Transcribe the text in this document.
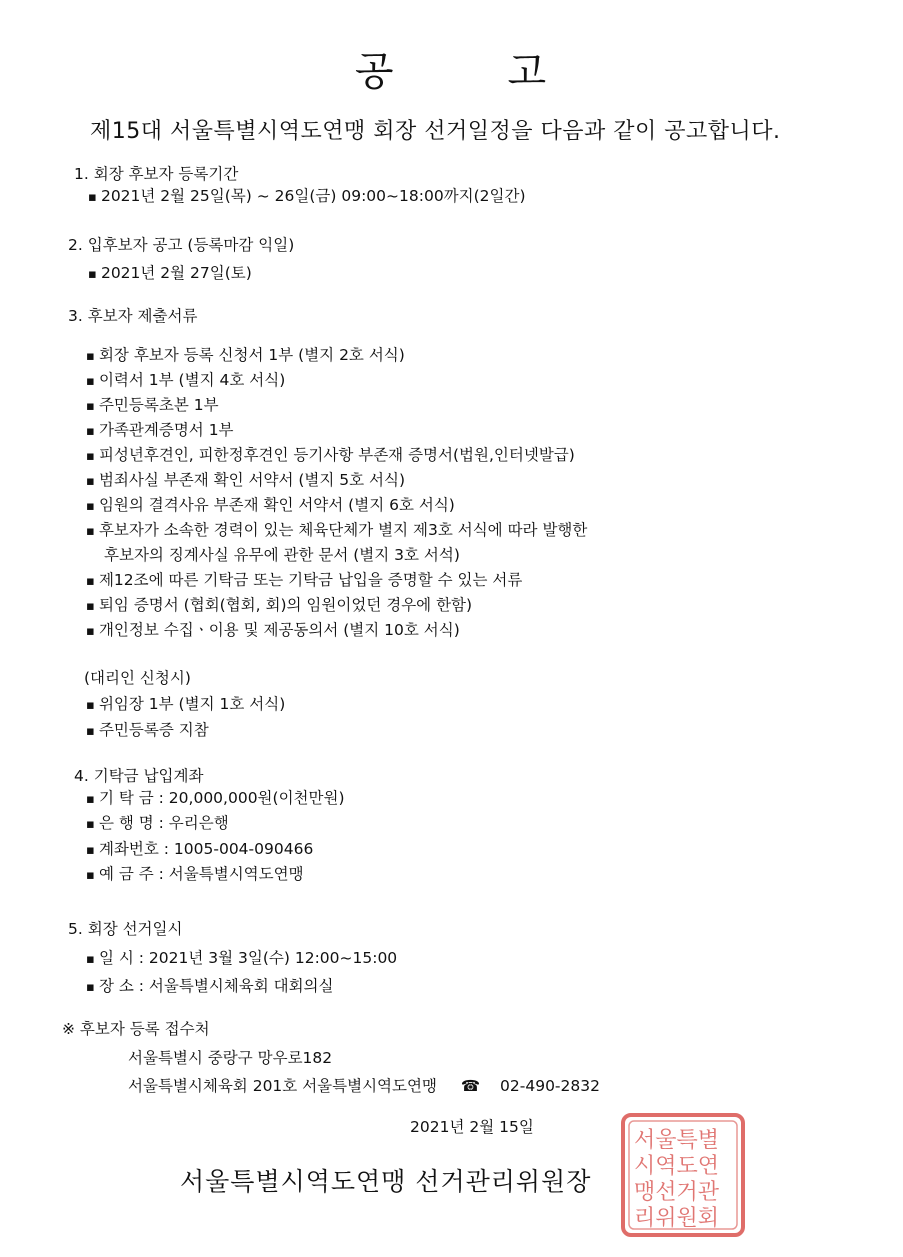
공	고
제15대 서울특별시역도연맹 회장 선거일정을 다음과 같이 공고합니다.
1. 회장 후보자 등록기간
▪ 2021년 2월 25일(목) ~ 26일(금) 09:00~18:00까지(2일간)
2. 입후보자 공고 (등록마감 익일)
▪ 2021년 2월 27일(토)
3. 후보자 제출서류
▪ 회장 후보자 등록 신청서 1부 (별지 2호 서식)
▪ 이력서 1부 (별지 4호 서식)
▪ 주민등록초본 1부
▪ 가족관계증명서 1부
▪ 피성년후견인, 피한정후견인 등기사항 부존재 증명서(법원,인터넷발급)
▪ 범죄사실 부존재 확인 서약서 (별지 5호 서식)
▪ 임원의 결격사유 부존재 확인 서약서 (별지 6호 서식)
▪ 후보자가 소속한 경력이 있는 체육단체가 별지 제3호 서식에 따라 발행한
후보자의 징계사실 유무에 관한 문서 (별지 3호 서석)
▪ 제12조에 따른 기탁금 또는 기탁금 납입을 증명할 수 있는 서류
▪ 퇴임 증명서 (협회(협회, 회)의 임원이었던 경우에 한함)
▪ 개인정보 수집ㆍ이용 및 제공동의서 (별지 10호 서식)
(대리인 신청시)
▪ 위임장 1부 (별지 1호 서식)
▪ 주민등록증 지참
4. 기탁금 납입계좌
▪ 기 탁 금 : 20,000,000원(이천만원)
▪ 은 행 명 : 우리은행
▪ 계좌번호 : 1005-004-090466
▪ 예 금 주 : 서울특별시역도연맹
5. 회장 선거일시
▪ 일 시 : 2021년 3월 3일(수) 12:00~15:00
▪ 장 소 : 서울특별시체육회 대회의실
※ 후보자 등록 접수처
서울특별시 중랑구 망우로182
서울특별시체육회 201호 서울특별시역도연맹 ☎ 02-490-2832
2021년 2월 15일
서울특별시역도연맹 선거관리위원장
서울특별
시역도연
맹선거관
리위원회
